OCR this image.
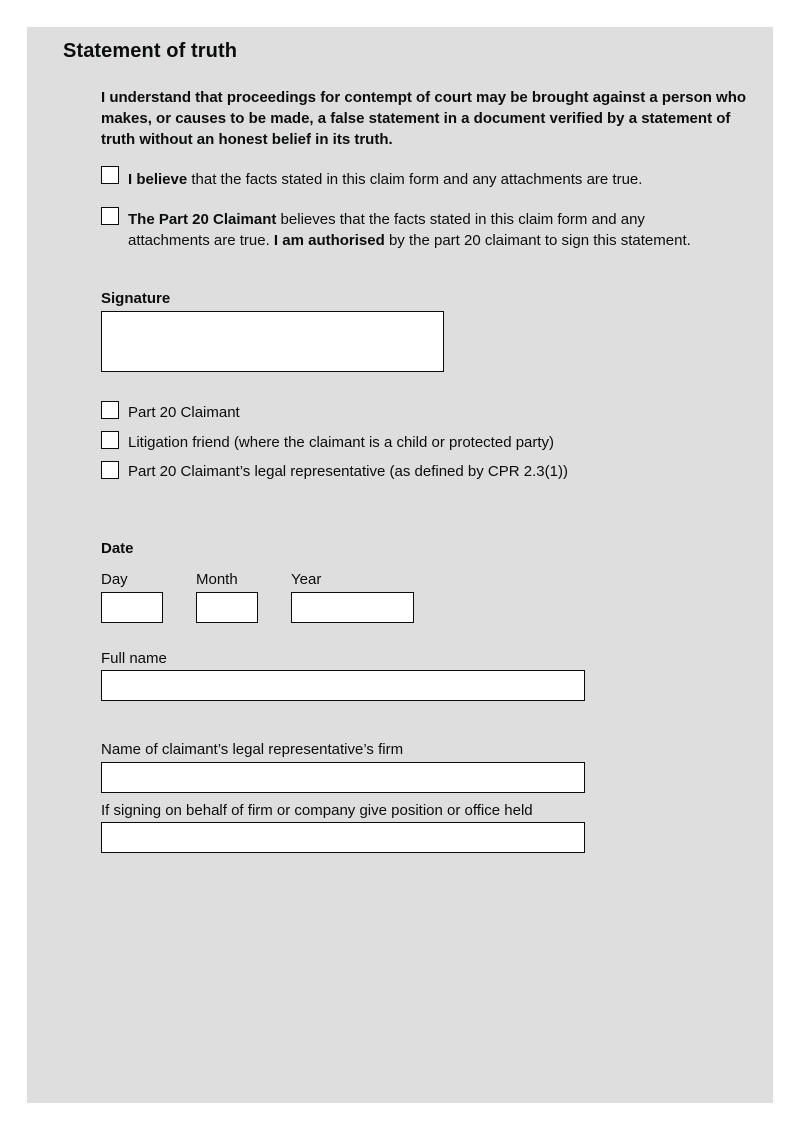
Statement of truth

I understand that proceedings for contempt of court may be brought against a person who makes, or causes to be made, a false statement in a document verified by a statement of truth without an honest belief in its truth.

I believe that the facts stated in this claim form and any attachments are true.
The Part 20 Claimant believes that the facts stated in this claim form and any
attachments are true. I am authorised by the part 20 claimant to sign this statement.
Signature
Part 20 Claimant
Litigation friend (where the claimant is a child or protected party)
Part 20 Claimant’s legal representative (as defined by CPR 2.3(1))
Date
Day	Month	Year
Full name
Name of claimant’s legal representative’s firm
If signing on behalf of firm or company give position or office held
